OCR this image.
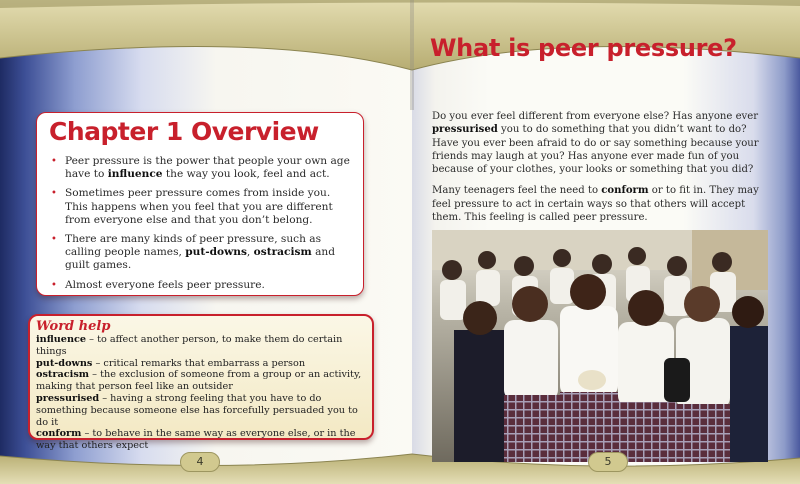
Chapter 1 Overview
• Peer pressure is the power that people your own age have to influence the way you look, feel and act.
• Sometimes peer pressure comes from inside you. This happens when you feel that you are different from everyone else and that you don’t belong.
• There are many kinds of peer pressure, such as calling people names, put-downs, ostracism and guilt games.
• Almost everyone feels peer pressure.
Word help
influence – to affect another person, to make them do certain things
put-downs – critical remarks that embarrass a person
ostracism – the exclusion of someone from a group or an activity, making that person feel like an outsider
pressurised – having a strong feeling that you have to do something because someone else has forcefully persuaded you to do it
conform – to behave in the same way as everyone else, or in the way that others expect
4
What is peer pressure?

Do you ever feel different from everyone else? Has anyone ever pressurised you to do something that you didn’t want to do? Have you ever been afraid to do or say something because your friends may laugh at you? Has anyone ever made fun of you because of your clothes, your looks or something that you did?

Many teenagers feel the need to conform or to fit in. They may feel pressure to act in certain ways so that others will accept them. This feeling is called peer pressure.

5
